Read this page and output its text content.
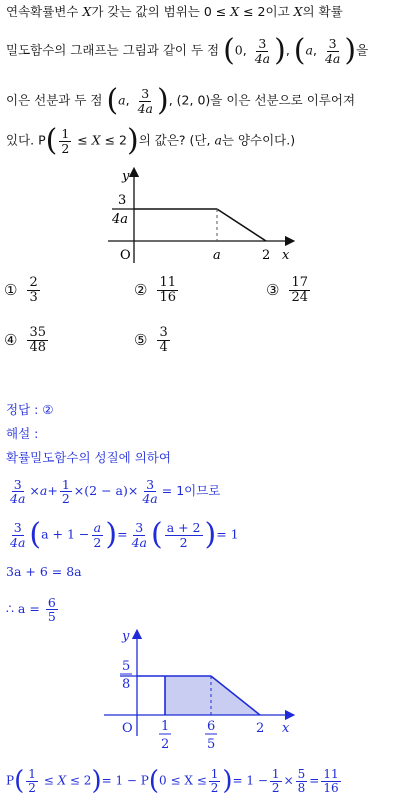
연속확률변수 X가 갖는 값의 범위는 0 ≤ X ≤ 2이고 X의 확률
밀도함수의 그래프는 그림과 같이 두 점 (0, $\frac{3}{4a}$ ), (a, $\frac{3}{4a}$ )을
이은 선분과 두 점 (a, $\frac{3}{4a}$ ), (2, 0)을 이은 선분으로 이루어져
있다. $P( \frac{1}{2} \le X \le 2)$의 값은? (단, a는 양수이다.)
y
x
O	a	2
3
4a
① $\frac{2}{3}$	② $\frac{11}{16}$	③ $\frac{17}{24}$
④ $\frac{35}{48}$	⑤ $\frac{3}{4}$
정답 : ②
해설 :
확률밀도함수의 성질에 의하여
$\frac{3}{4a} \times a+ \frac{1}{2} \times(2 - a)\times \frac{3}{4a} = 1$이므로
$\frac{3}{4a} (a + 1 - \frac{a}{2}$ )= $\frac{3}{4a}$ ( $\frac{a + 2}{2}$ )= 1
3a + 6 = 8a
∴ $a = \frac{6}{5}$
y
x
O	2
5
8
1
2
6
5
$P( \frac{1}{2} \le X \le 2)= 1 - P(0 \le X \le \frac{1}{2}$ )= $1 - \frac{1}{2} \times \frac{5}{8} = \frac{11}{16}$
